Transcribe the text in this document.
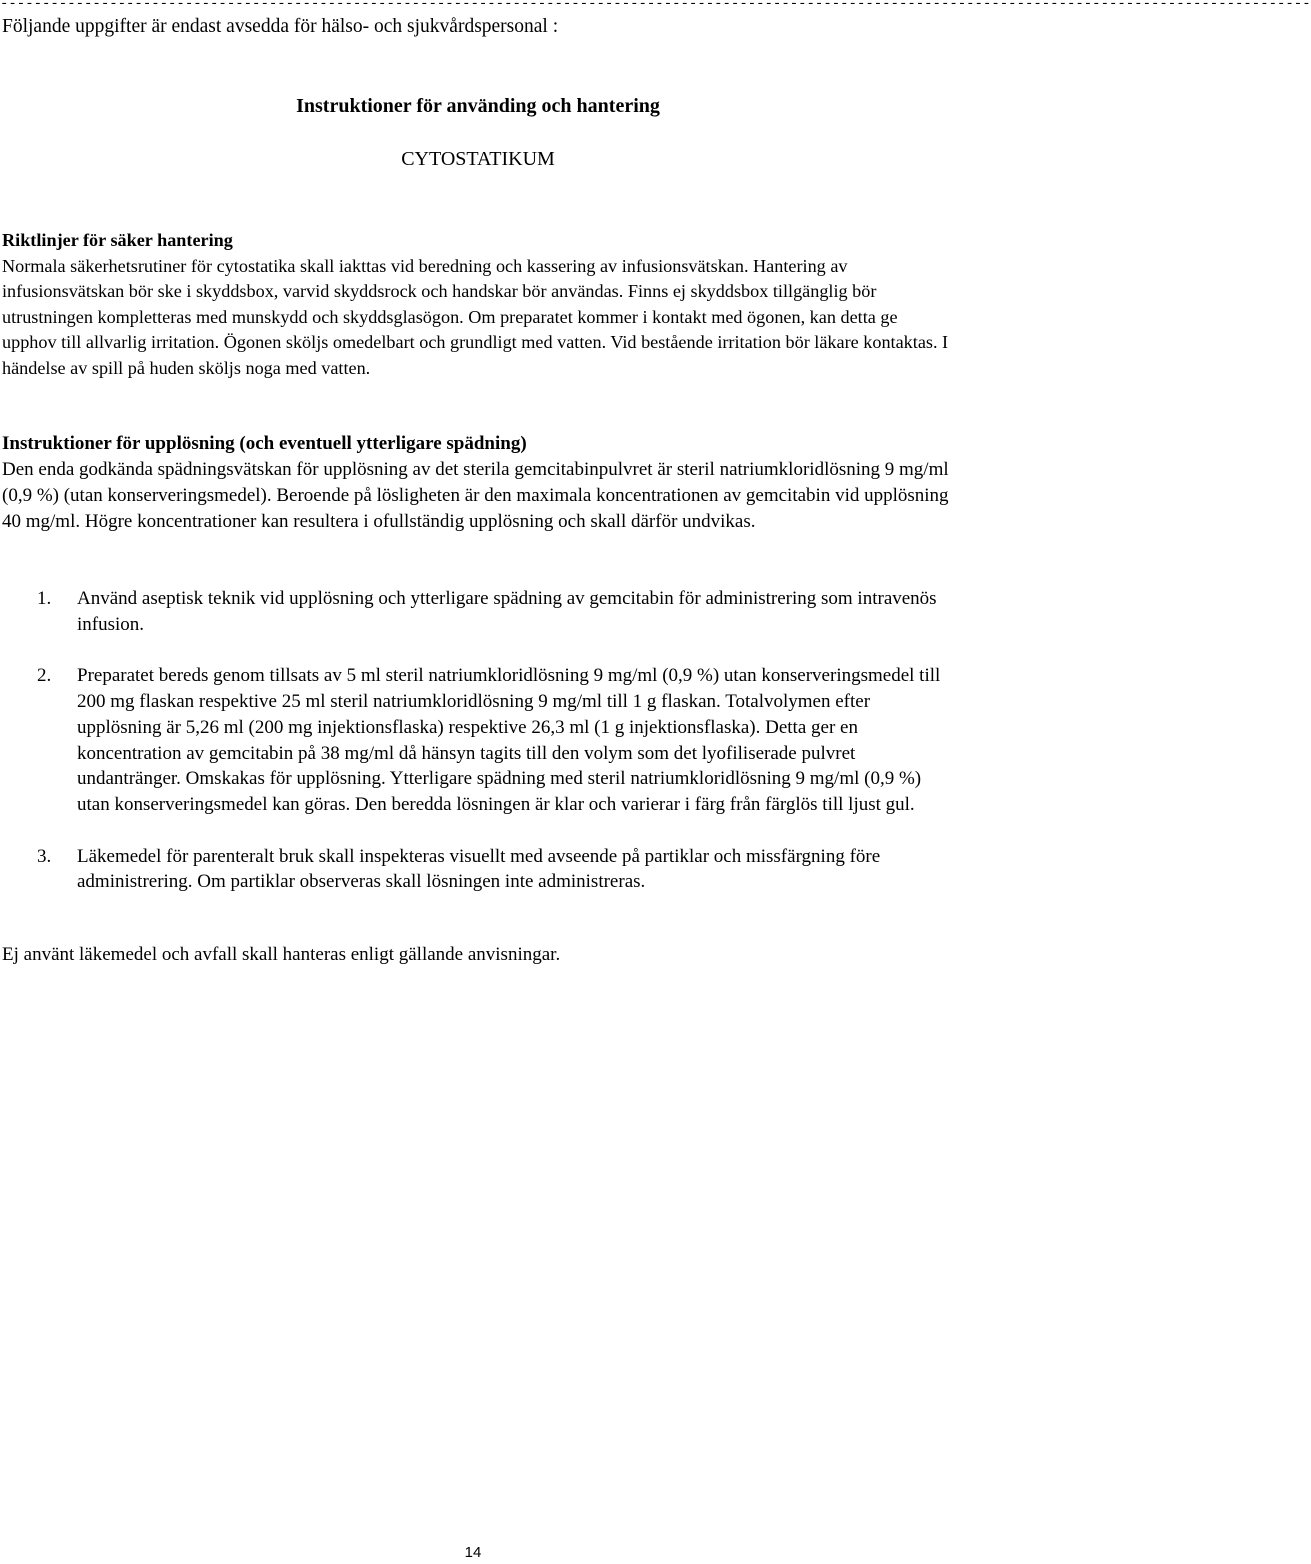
------------------------------------------------------------------------------------------------------------------------------------------------------------
Följande uppgifter är endast avsedda för hälso- och sjukvårdspersonal :
Instruktioner för använding och hantering
CYTOSTATIKUM

Riktlinjer för säker hantering

Normala säkerhetsrutiner för cytostatika skall iakttas vid beredning och kassering av infusionsvätskan. Hantering av infusionsvätskan bör ske i skyddsbox, varvid skyddsrock och handskar bör användas. Finns ej skyddsbox tillgänglig bör utrustningen kompletteras med munskydd och skyddsglasögon. Om preparatet kommer i kontakt med ögonen, kan detta ge upphov till allvarlig irritation. Ögonen sköljs omedelbart och grundligt med vatten. Vid bestående irritation bör läkare kontaktas. I händelse av spill på huden sköljs noga med vatten.

Instruktioner för upplösning (och eventuell ytterligare spädning)

Den enda godkända spädningsvätskan för upplösning av det sterila gemcitabinpulvret är steril natriumkloridlösning 9 mg/ml (0,9 %) (utan konserveringsmedel). Beroende på lösligheten är den maximala koncentrationen av gemcitabin vid upplösning 40 mg/ml. Högre koncentrationer kan resultera i ofullständig upplösning och skall därför undvikas.

1. Använd aseptisk teknik vid upplösning och ytterligare spädning av gemcitabin för administrering som intravenös infusion.
2. Preparatet bereds genom tillsats av 5 ml steril natriumkloridlösning 9 mg/ml (0,9 %) utan konserveringsmedel till 200 mg flaskan respektive 25 ml steril natriumkloridlösning 9 mg/ml till 1 g flaskan. Totalvolymen efter upplösning är 5,26 ml (200 mg injektionsflaska) respektive 26,3 ml (1 g injektionsflaska). Detta ger en koncentration av gemcitabin på 38 mg/ml då hänsyn tagits till den volym som det lyofiliserade pulvret undantränger. Omskakas för upplösning. Ytterligare spädning med steril natriumkloridlösning 9 mg/ml (0,9 %) utan konserveringsmedel kan göras. Den beredda lösningen är klar och varierar i färg från färglös till ljust gul.
3. Läkemedel för parenteralt bruk skall inspekteras visuellt med avseende på partiklar och missfärgning före administrering. Om partiklar observeras skall lösningen inte administreras.
Ej använt läkemedel och avfall skall hanteras enligt gällande anvisningar.
14
